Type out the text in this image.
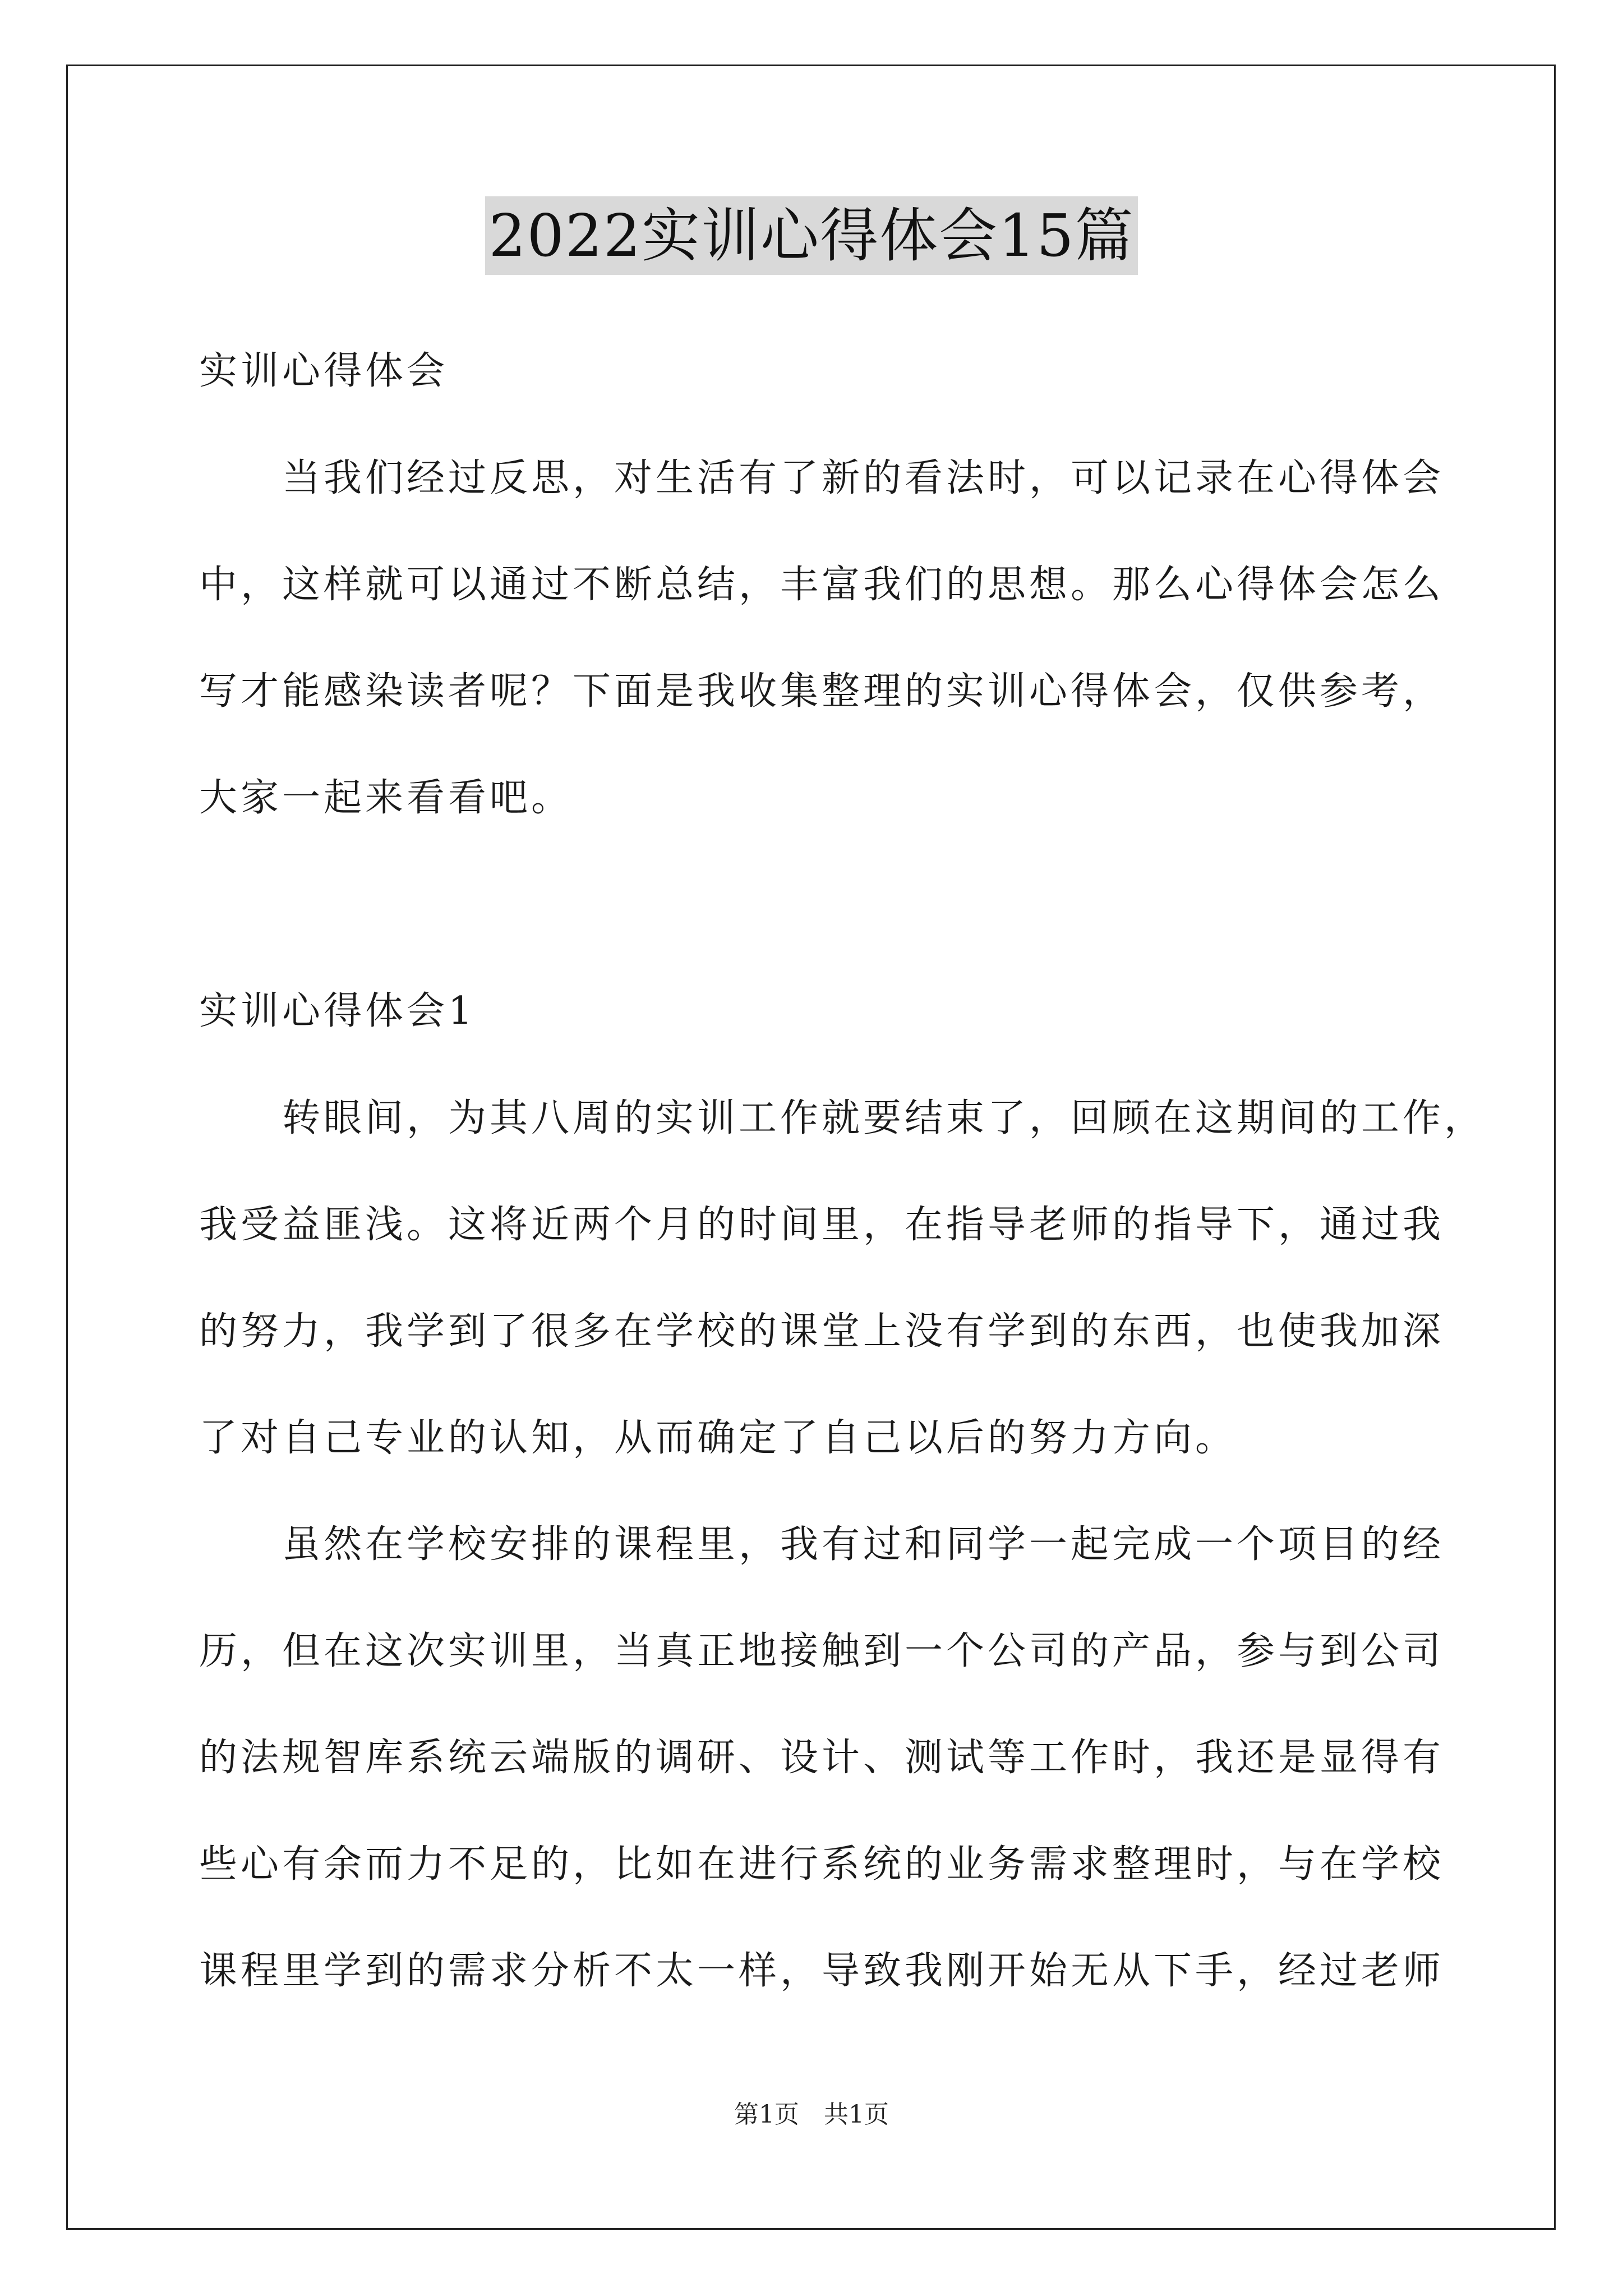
2022实训心得体会15篇

实训心得体会

当我们经过反思，对生活有了新的看法时，可以记录在心得体会

中，这样就可以通过不断总结，丰富我们的思想。那么心得体会怎么

写才能感染读者呢？下面是我收集整理的实训心得体会，仅供参考，

大家一起来看看吧。

实训心得体会1

转眼间，为其八周的实训工作就要结束了，回顾在这期间的工作，

我受益匪浅。这将近两个月的时间里，在指导老师的指导下，通过我

的努力，我学到了很多在学校的课堂上没有学到的东西，也使我加深

了对自己专业的认知，从而确定了自己以后的努力方向。

虽然在学校安排的课程里，我有过和同学一起完成一个项目的经

历，但在这次实训里，当真正地接触到一个公司的产品，参与到公司

的法规智库系统云端版的调研、设计、测试等工作时，我还是显得有

些心有余而力不足的，比如在进行系统的业务需求整理时，与在学校

课程里学到的需求分析不太一样，导致我刚开始无从下手，经过老师

第1页　共1页
